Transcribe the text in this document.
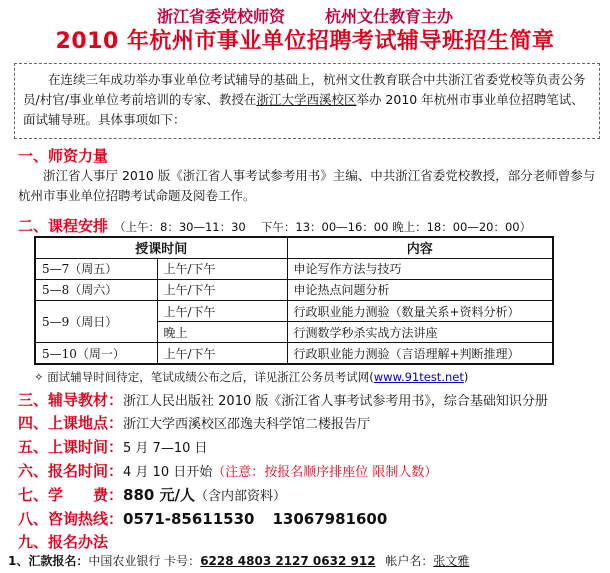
浙江省委党校师资	杭州文仕教育主办
2010 年杭州市事业单位招聘考试辅导班招生简章

在连续三年成功举办事业单位考试辅导的基础上，杭州文仕教育联合中共浙江省委党校等负责公务员/村官/事业单位考前培训的专家、教授在浙江大学西溪校区举办 2010 年杭州市事业单位招聘笔试、面试辅导班。具体事项如下：

一、师资力量
浙江省人事厅 2010 版《浙江省人事考试参考用书》主编、中共浙江省委党校教授，部分老师曾参与杭州市事业单位招聘考试命题及阅卷工作。
二、课程安排 （上午：8：30—11：30　 下午：13：00—16：00 晚上：18：00—20：00）
授课时间		内容
5—7（周五）	上午/下午	申论写作方法与技巧
5—8（周六）	上午/下午	申论热点问题分析
5—9（周日）	上午/下午	行政职业能力测验（数量关系+资料分析）
	晚上	行测数学秒杀实战方法讲座
5—10（周一）	上午/下午	行政职业能力测验（言语理解+判断推理）
✧ 面试辅导时间待定，笔试成绩公布之后，详见浙江公务员考试网(www.91test.net)
三、辅导教材：浙江人民出版社 2010 版《浙江省人事考试参考用书》，综合基础知识分册
四、上课地点：浙江大学西溪校区邵逸夫科学馆二楼报告厅
五、上课时间：5 月 7—10 日
六、报名时间：4 月 10 日开始（注意：按报名顺序排座位 限制人数）
七、学　　费：880 元/人（含内部资料）
八、咨询热线：0571-85611530 13067981600
九、报名办法
1、汇款报名：中国农业银行 卡号：6228 4803 2127 0632 912 帐户名：张文雅
